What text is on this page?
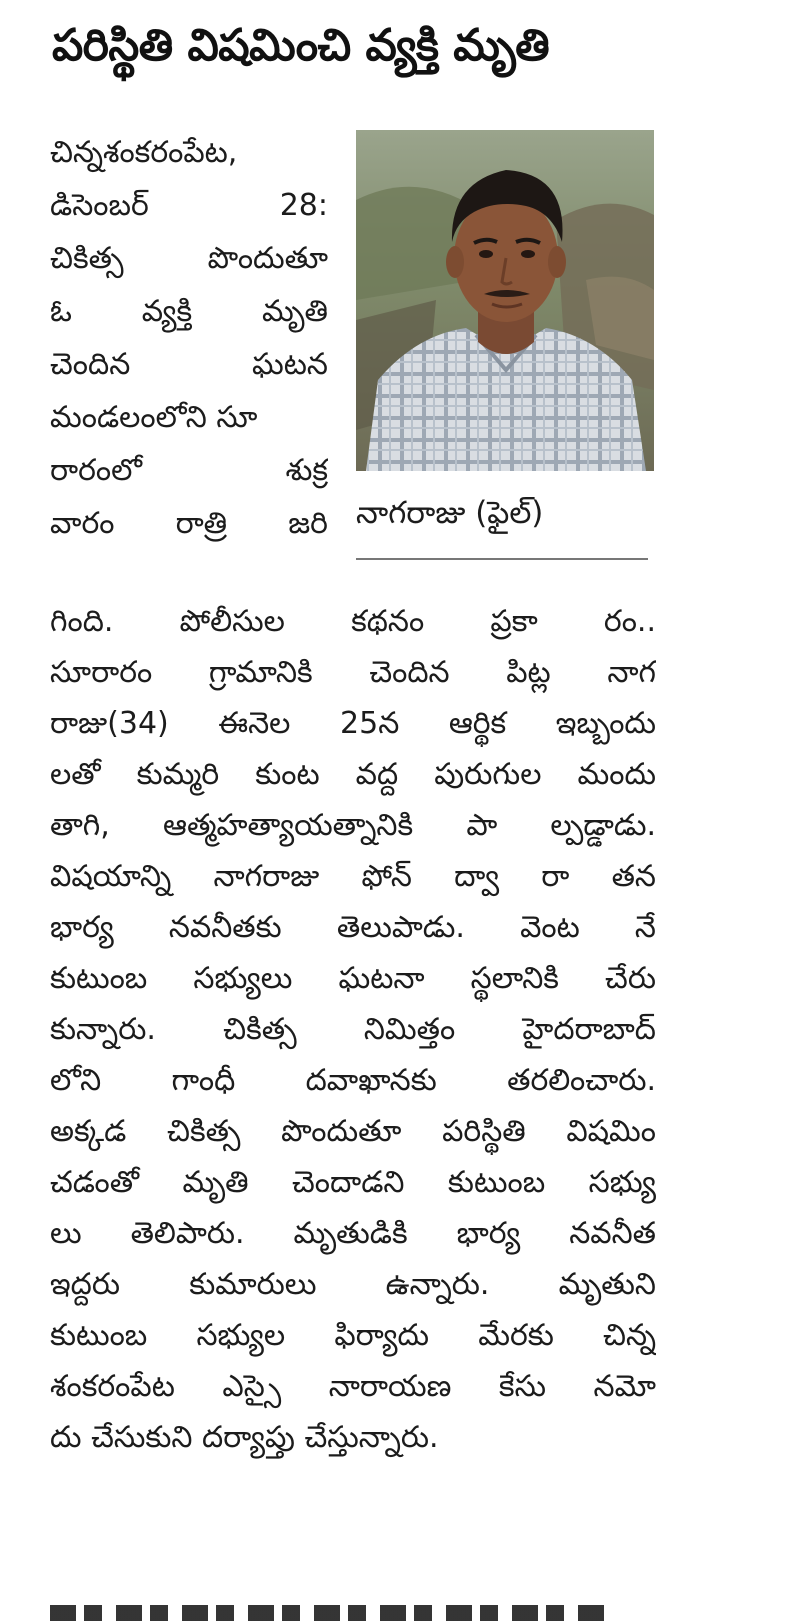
పరిస్థితి విషమించి వ్యక్తి మృతి
చిన్నశంకరంపేట,
డిసెంబర్	28:
చికిత్స	పొందుతూ
ఓ వ్యక్తి మృతి
చెందిన	ఘటన
మండలంలోని సూ
రారంలో	శుక్ర
వారం రాత్రి జరి నాగరాజు (ఫైల్)
గింది. పోలీసుల కథనం ప్రకా రం..
సూరారం గ్రామానికి చెందిన పిట్ల నాగ
రాజు(34) ఈనెల 25న ఆర్థిక ఇబ్బందు
లతో కుమ్మరి కుంట వద్ద పురుగుల మందు
తాగి, ఆత్మహత్యాయత్నానికి పా ల్పడ్డాడు.
విషయాన్ని నాగరాజు ఫోన్ ద్వా రా తన
భార్య నవనీతకు తెలుపాడు. వెంట నే
కుటుంబ సభ్యులు ఘటనా స్థలానికి చేరు
కున్నారు. చికిత్స నిమిత్తం హైదరాబాద్
లోని గాంధీ దవాఖానకు తరలించారు.
అక్కడ చికిత్స పొందుతూ పరిస్థితి విషమిం
చడంతో మృతి చెందాడని కుటుంబ సభ్యు
లు తెలిపారు. మృతుడికి భార్య నవనీత
ఇద్దరు కుమారులు ఉన్నారు. మృతుని
కుటుంబ సభ్యుల ఫిర్యాదు మేరకు చిన్న
శంకరంపేట ఎస్సై నారాయణ కేసు నమో
దు చేసుకుని దర్యాప్తు చేస్తున్నారు.
